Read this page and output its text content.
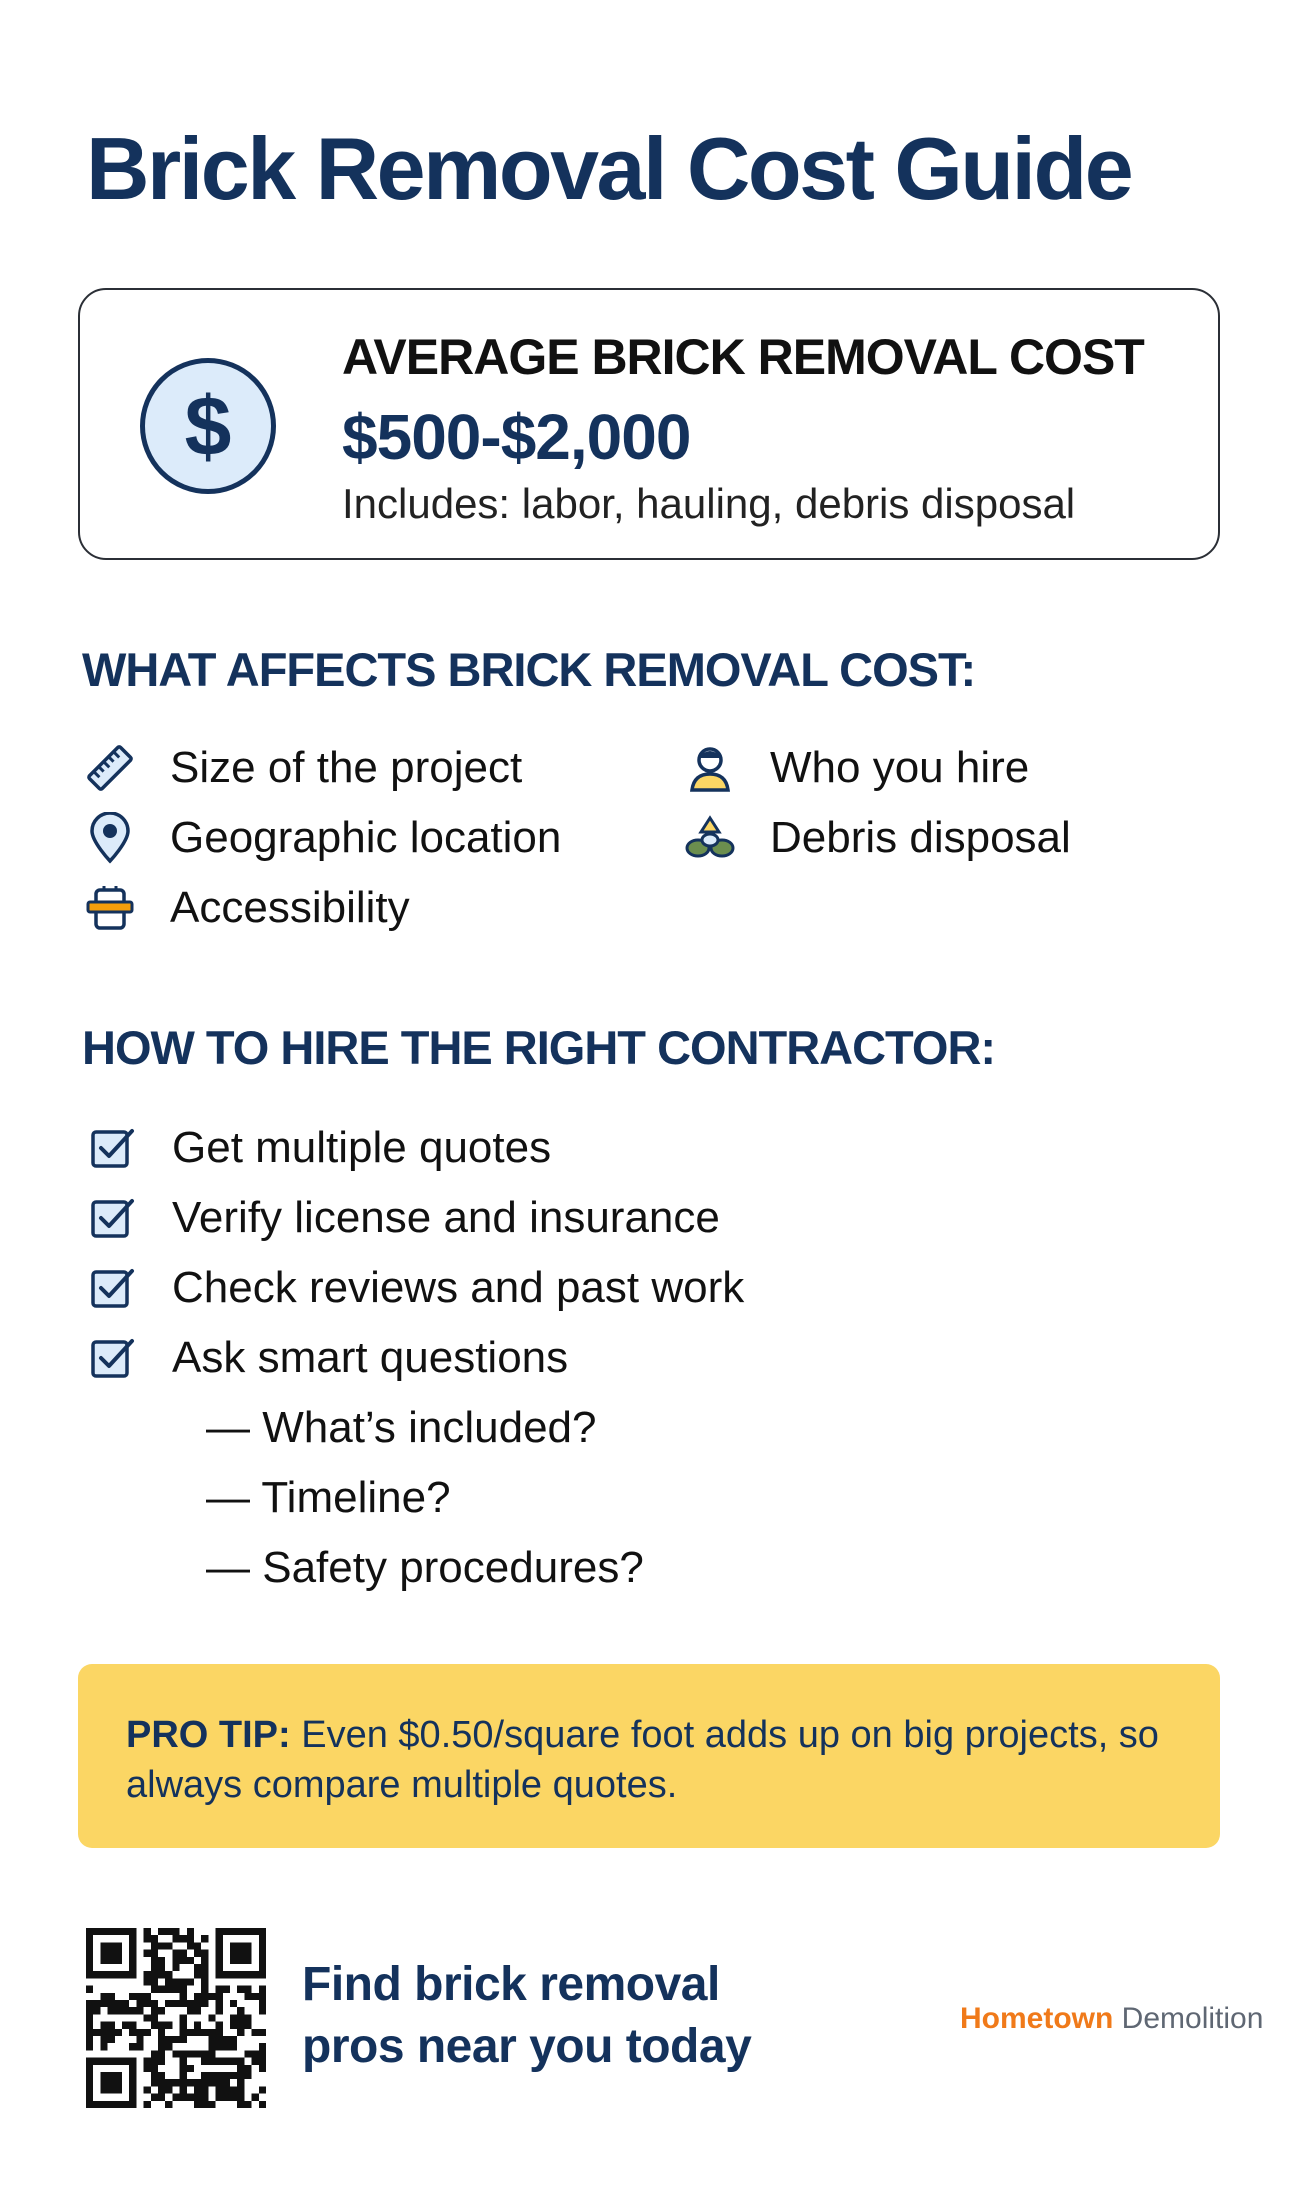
Brick Removal Cost Guide
$
AVERAGE BRICK REMOVAL COST
$500-$2,000
Includes: labor, hauling, debris disposal
WHAT AFFECTS BRICK REMOVAL COST:
Size of the project
Geographic location
Accessibility
Who you hire
Debris disposal
HOW TO HIRE THE RIGHT CONTRACTOR:
Get multiple quotes
Verify license and insurance
Check reviews and past work
Ask smart questions
— What’s included?
— Timeline?
— Safety procedures?
PRO TIP: Even $0.50/square foot adds up on big projects, so always compare multiple quotes.
Find brick removal
pros near you today
Hometown Demolition
